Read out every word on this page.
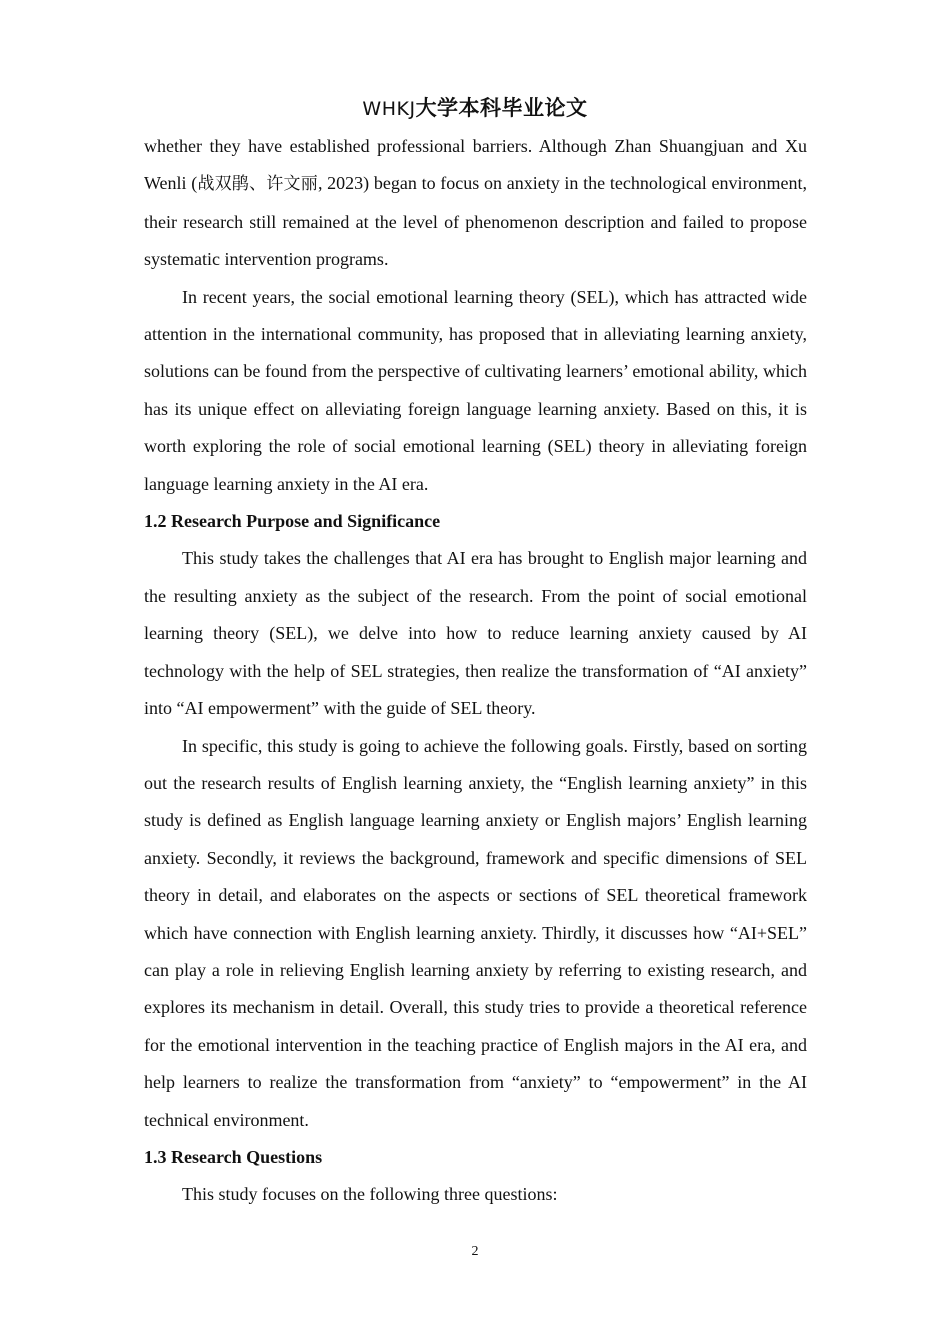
WHKJ大学本科毕业论文

whether they have established professional barriers. Although Zhan Shuangjuan and Xu Wenli (战双鹃、许文丽, 2023) began to focus on anxiety in the technological environment, their research still remained at the level of phenomenon description and failed to propose systematic intervention programs.

In recent years, the social emotional learning theory (SEL), which has attracted wide attention in the international community, has proposed that in alleviating learning anxiety, solutions can be found from the perspective of cultivating learners’ emotional ability, which has its unique effect on alleviating foreign language learning anxiety. Based on this, it is worth exploring the role of social emotional learning (SEL) theory in alleviating foreign language learning anxiety in the AI era.

1.2 Research Purpose and Significance

This study takes the challenges that AI era has brought to English major learning and the resulting anxiety as the subject of the research. From the point of social emotional learning theory (SEL), we delve into how to reduce learning anxiety caused by AI technology with the help of SEL strategies, then realize the transformation of “AI anxiety” into “AI empowerment” with the guide of SEL theory.

In specific, this study is going to achieve the following goals. Firstly, based on sorting out the research results of English learning anxiety, the “English learning anxiety” in this study is defined as English language learning anxiety or English majors’ English learning anxiety. Secondly, it reviews the background, framework and specific dimensions of SEL theory in detail, and elaborates on the aspects or sections of SEL theoretical framework which have connection with English learning anxiety. Thirdly, it discusses how “AI+SEL” can play a role in relieving English learning anxiety by referring to existing research, and explores its mechanism in detail. Overall, this study tries to provide a theoretical reference for the emotional intervention in the teaching practice of English majors in the AI era, and help learners to realize the transformation from “anxiety” to “empowerment” in the AI technical environment.

1.3 Research Questions

This study focuses on the following three questions:

2
